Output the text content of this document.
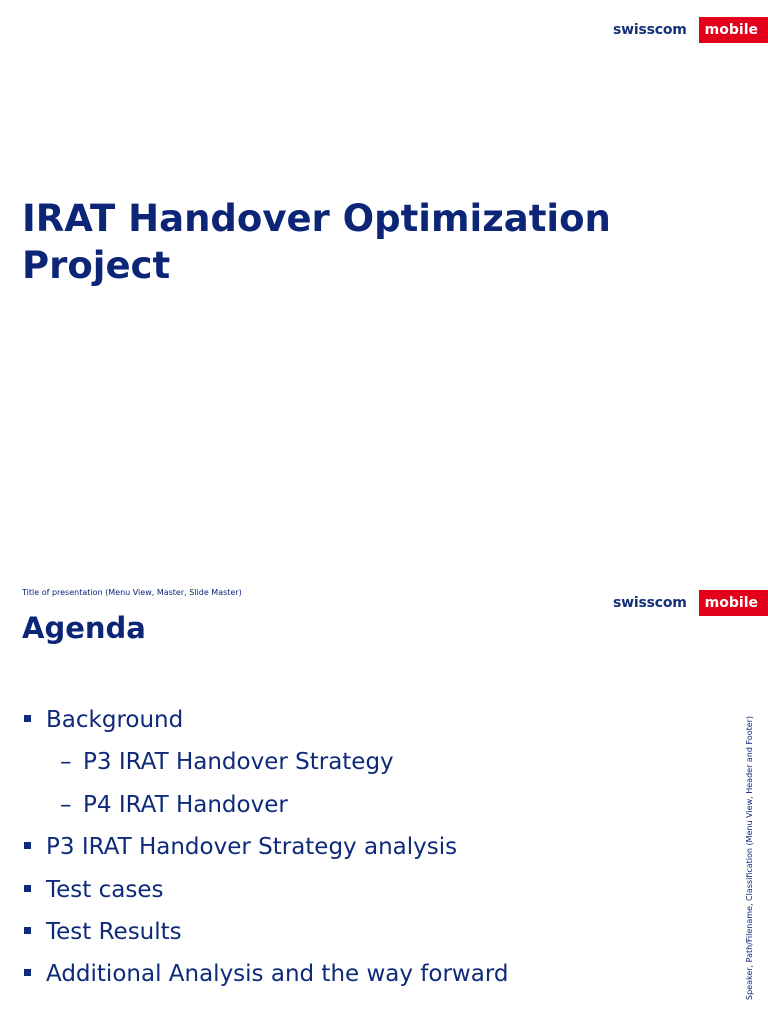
swisscom	mobile
IRAT Handover Optimization Project

Title of presentation (Menu View, Master, Slide Master)

swisscom	mobile
Agenda
Background
– P3 IRAT Handover Strategy
– P4 IRAT Handover
P3 IRAT Handover Strategy analysis
Test cases
Test Results
Additional Analysis and the way forward	Speaker, Path/Filename, Classification (Menu View, Header and Footer)
